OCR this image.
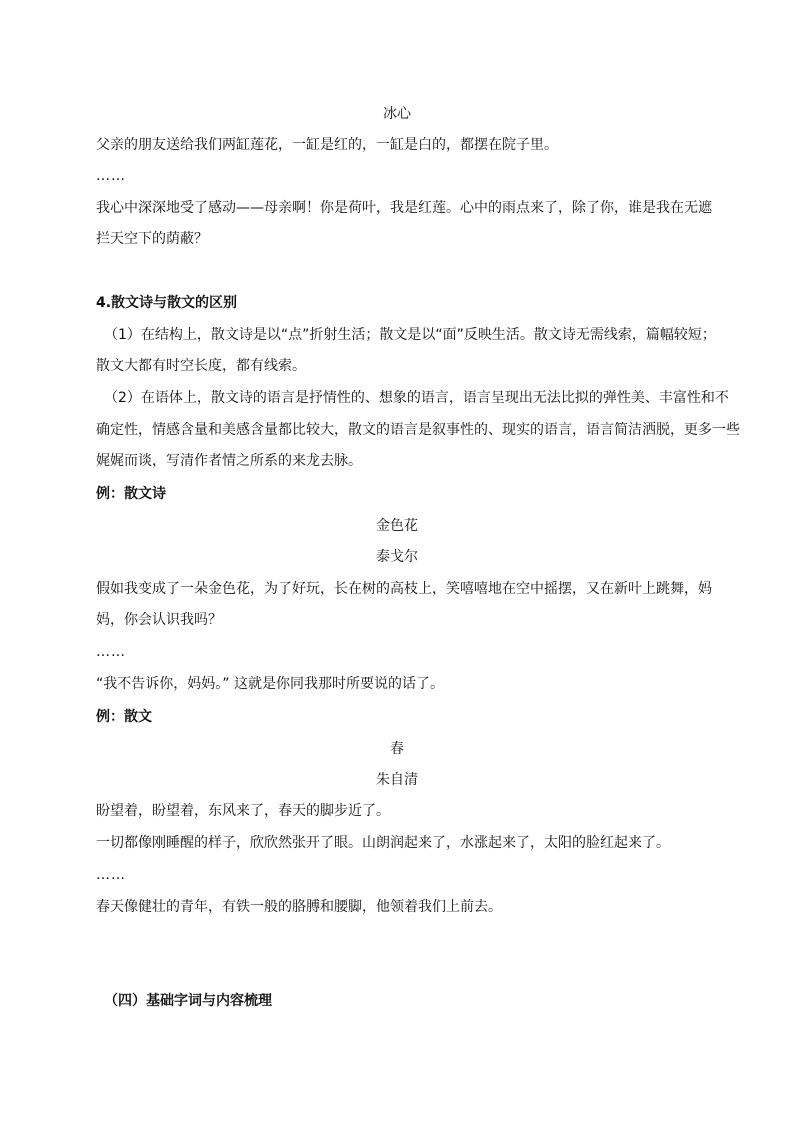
冰心
父亲的朋友送给我们两缸莲花，一缸是红的，一缸是白的，都摆在院子里。
……
我心中深深地受了感动——母亲啊！你是荷叶，我是红莲。心中的雨点来了，除了你，谁是我在无遮
拦天空下的荫蔽？
4.散文诗与散文的区别
（1）在结构上，散文诗是以“点”折射生活；散文是以“面”反映生活。散文诗无需线索，篇幅较短；
散文大都有时空长度，都有线索。
（2）在语体上，散文诗的语言是抒情性的、想象的语言，语言呈现出无法比拟的弹性美、丰富性和不
确定性，情感含量和美感含量都比较大，散文的语言是叙事性的、现实的语言，语言简洁洒脱，更多一些
娓娓而谈，写清作者情之所系的来龙去脉。
例：散文诗
金色花
泰戈尔
假如我变成了一朵金色花，为了好玩，长在树的高枝上，笑嘻嘻地在空中摇摆，又在新叶上跳舞，妈
妈，你会认识我吗？
……
“我不告诉你，妈妈。” 这就是你同我那时所要说的话了。
例：散文
春
朱自清
盼望着，盼望着，东风来了，春天的脚步近了。
一切都像刚睡醒的样子，欣欣然张开了眼。山朗润起来了，水涨起来了，太阳的脸红起来了。
……
春天像健壮的青年，有铁一般的胳膊和腰脚，他领着我们上前去。
（四）基础字词与内容梳理
